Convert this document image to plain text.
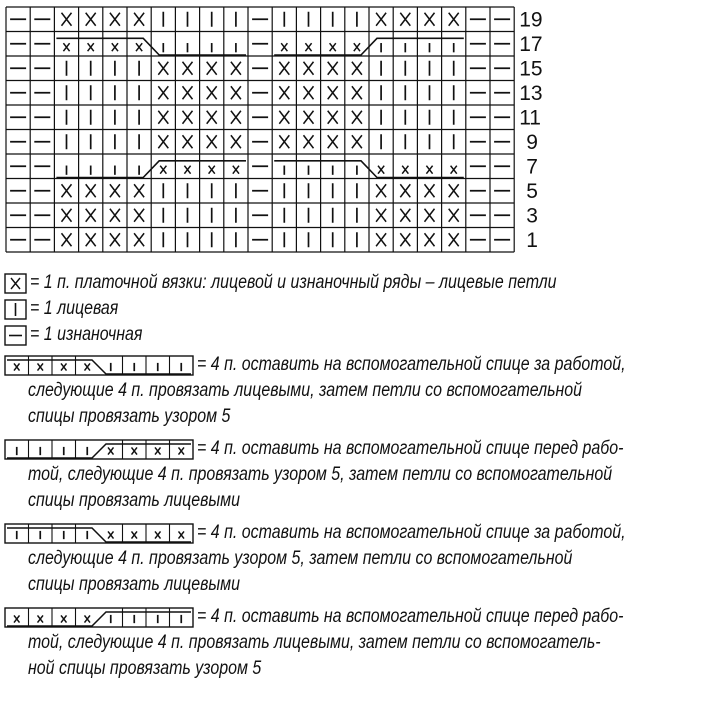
19
17
15
13
11
9
7
5
3
1
= 1 п. платочной вязки: лицевой и изнаночный ряды – лицевые петли
= 1 лицевая
= 1 изнаночная
= 4 п. оставить на вспомогательной спице за работой,
следующие 4 п. провязать лицевыми, затем петли со вспомогательной
спицы провязать узором 5
= 4 п. оставить на вспомогательной спице перед рабо-
той, следующие 4 п. провязать узором 5, затем петли со вспомогательной
спицы провязать лицевыми
= 4 п. оставить на вспомогательной спице за работой,
следующие 4 п. провязать узором 5, затем петли со вспомогательной
спицы провязать лицевыми
= 4 п. оставить на вспомогательной спице перед рабо-
той, следующие 4 п. провязать лицевыми, затем петли со вспомогатель-
ной спицы провязать узором 5
